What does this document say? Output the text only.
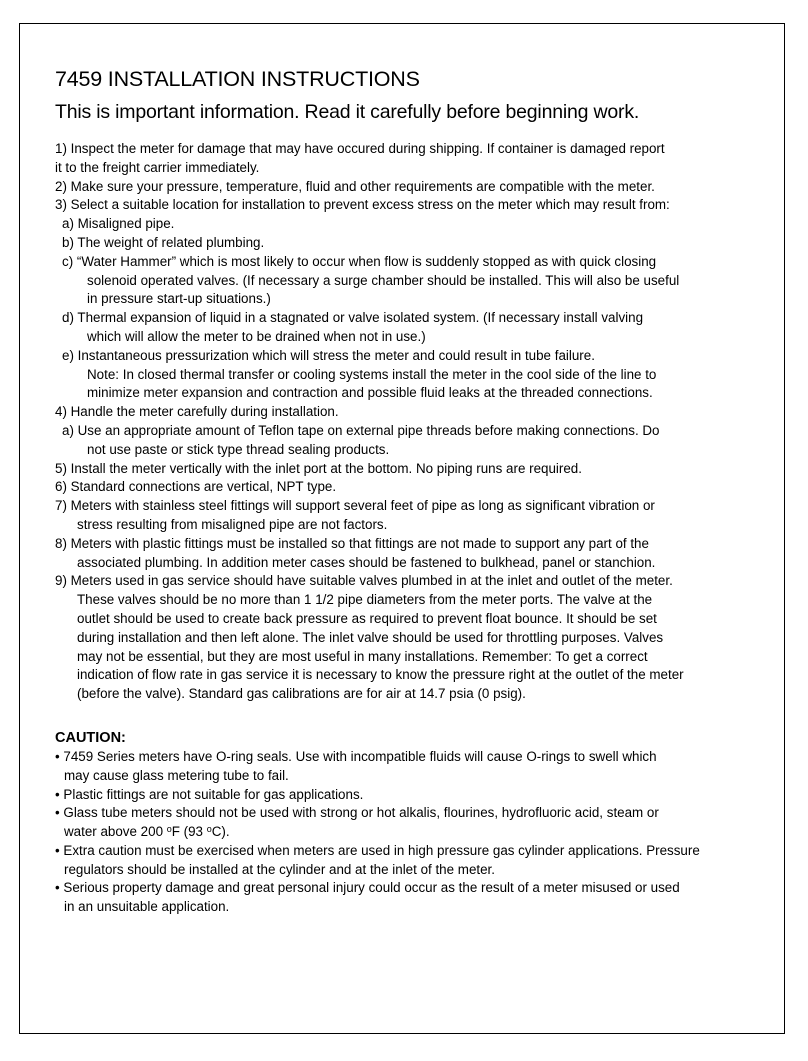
7459 INSTALLATION INSTRUCTIONS

This is important information. Read it carefully before beginning work.

1) Inspect the meter for damage that may have occured during shipping. If container is damaged report
it to the freight carrier immediately.
2) Make sure your pressure, temperature, fluid and other requirements are compatible with the meter.
3) Select a suitable location for installation to prevent excess stress on the meter which may result from:
a) Misaligned pipe.
b) The weight of related plumbing.
c) “Water Hammer” which is most likely to occur when flow is suddenly stopped as with quick closing
solenoid operated valves. (If necessary a surge chamber should be installed. This will also be useful
in pressure start-up situations.)
d) Thermal expansion of liquid in a stagnated or valve isolated system. (If necessary install valving
which will allow the meter to be drained when not in use.)
e) Instantaneous pressurization which will stress the meter and could result in tube failure.
Note: In closed thermal transfer or cooling systems install the meter in the cool side of the line to
minimize meter expansion and contraction and possible fluid leaks at the threaded connections.
4) Handle the meter carefully during installation.
a) Use an appropriate amount of Teflon tape on external pipe threads before making connections. Do
not use paste or stick type thread sealing products.
5) Install the meter vertically with the inlet port at the bottom. No piping runs are required.
6) Standard connections are vertical, NPT type.
7) Meters with stainless steel fittings will support several feet of pipe as long as significant vibration or
stress resulting from misaligned pipe are not factors.
8) Meters with plastic fittings must be installed so that fittings are not made to support any part of the
associated plumbing. In addition meter cases should be fastened to bulkhead, panel or stanchion.
9) Meters used in gas service should have suitable valves plumbed in at the inlet and outlet of the meter.
These valves should be no more than 1 1/2 pipe diameters from the meter ports. The valve at the
outlet should be used to create back pressure as required to prevent float bounce. It should be set
during installation and then left alone. The inlet valve should be used for throttling purposes. Valves
may not be essential, but they are most useful in many installations. Remember: To get a correct
indication of flow rate in gas service it is necessary to know the pressure right at the outlet of the meter
(before the valve). Standard gas calibrations are for air at 14.7 psia (0 psig).
CAUTION:
• 7459 Series meters have O-ring seals. Use with incompatible fluids will cause O-rings to swell which
may cause glass metering tube to fail.
• Plastic fittings are not suitable for gas applications.
• Glass tube meters should not be used with strong or hot alkalis, flourines, hydrofluoric acid, steam or
water above 200 $^o$F (93 $^o$C).
• Extra caution must be exercised when meters are used in high pressure gas cylinder applications. Pressure
regulators should be installed at the cylinder and at the inlet of the meter.
• Serious property damage and great personal injury could occur as the result of a meter misused or used
in an unsuitable application.
